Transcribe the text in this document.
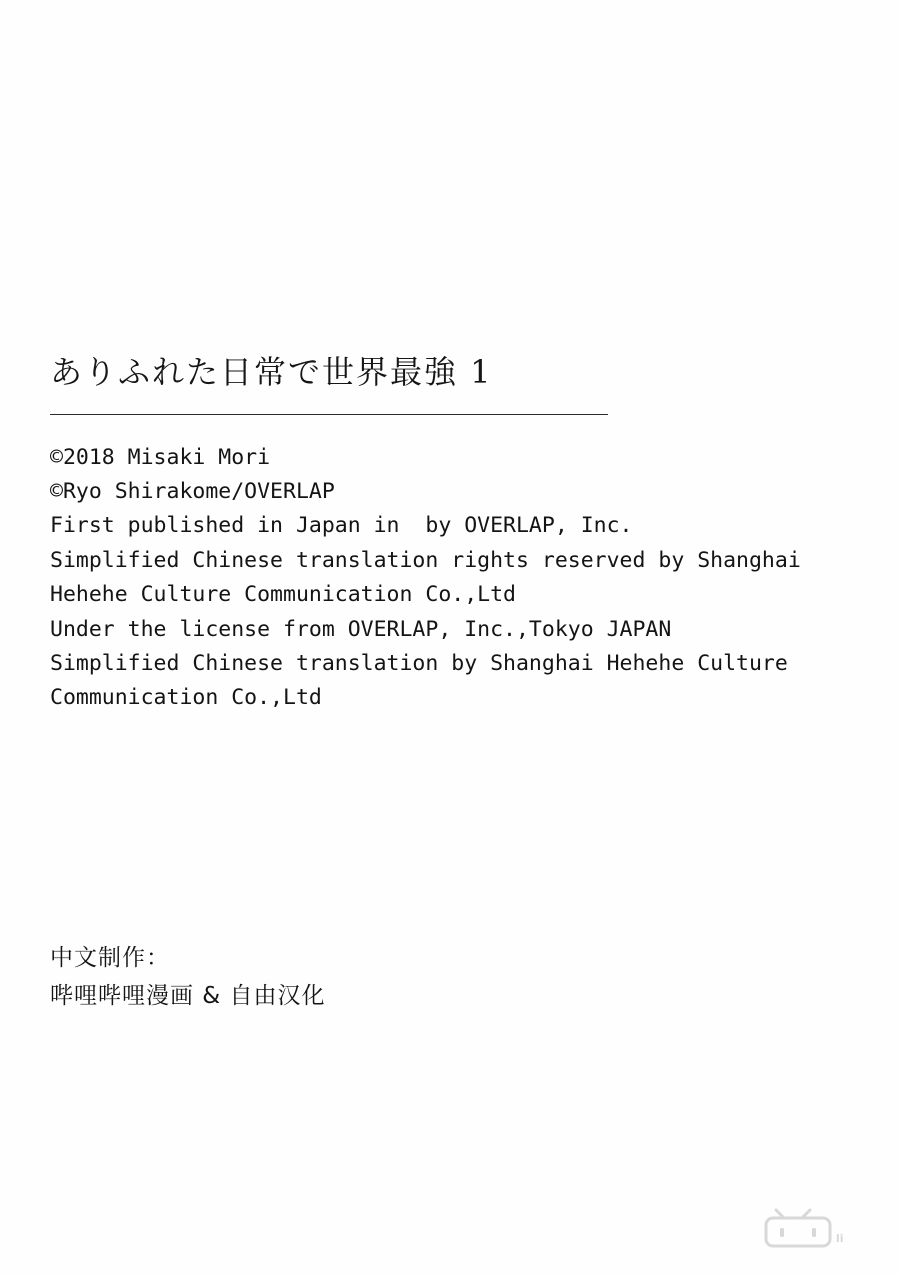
ありふれた日常で世界最強 1
©2018 Misaki Mori
©Ryo Shirakome/OVERLAP
First published in Japan in  by OVERLAP, Inc.
Simplified Chinese translation rights reserved by Shanghai Hehehe Culture Communication Co.,Ltd
Under the license from OVERLAP, Inc.,Tokyo JAPAN
Simplified Chinese translation by Shanghai Hehehe Culture Communication Co.,Ltd
中文制作：
哔哩哔哩漫画 & 自由汉化
li
